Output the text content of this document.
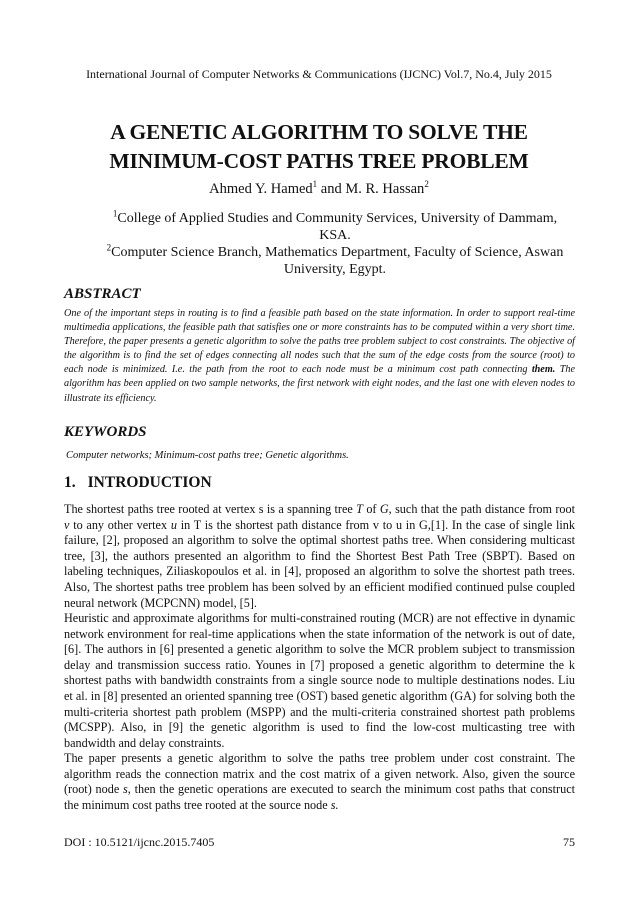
International Journal of Computer Networks & Communications (IJCNC) Vol.7, No.4, July 2015
A GENETIC ALGORITHM TO SOLVE THE
MINIMUM-COST PATHS TREE PROBLEM
Ahmed Y. Hamed$^1$ and M. R. Hassan$^2$
$^1$College of Applied Studies and Community Services, University of Dammam, KSA.
$^2$Computer Science Branch, Mathematics Department, Faculty of Science, Aswan University, Egypt.
ABSTRACT
One of the important steps in routing is to find a feasible path based on the state information. In order to support real-time multimedia applications, the feasible path that satisfies one or more constraints has to be computed within a very short time. Therefore, the paper presents a genetic algorithm to solve the paths tree problem subject to cost constraints. The objective of the algorithm is to find the set of edges connecting all nodes such that the sum of the edge costs from the source (root) to each node is minimized. I.e. the path from the root to each node must be a minimum cost path connecting them. The algorithm has been applied on two sample networks, the first network with eight nodes, and the last one with eleven nodes to illustrate its efficiency.
KEYWORDS
Computer networks; Minimum-cost paths tree; Genetic algorithms.
1. INTRODUCTION
The shortest paths tree rooted at vertex s is a spanning tree T of G, such that the path distance from root v to any other vertex u in T is the shortest path distance from v to u in G,[1]. In the case of single link failure, [2], proposed an algorithm to solve the optimal shortest paths tree. When considering multicast tree, [3], the authors presented an algorithm to find the Shortest Best Path Tree (SBPT). Based on labeling techniques, Ziliaskopoulos et al. in [4], proposed an algorithm to solve the shortest path trees. Also, The shortest paths tree problem has been solved by an efficient modified continued pulse coupled neural network (MCPCNN) model, [5].
Heuristic and approximate algorithms for multi-constrained routing (MCR) are not effective in dynamic network environment for real-time applications when the state information of the network is out of date, [6]. The authors in [6] presented a genetic algorithm to solve the MCR problem subject to transmission delay and transmission success ratio. Younes in [7] proposed a genetic algorithm to determine the k shortest paths with bandwidth constraints from a single source node to multiple destinations nodes. Liu et al. in [8] presented an oriented spanning tree (OST) based genetic algorithm (GA) for solving both the multi-criteria shortest path problem (MSPP) and the multi-criteria constrained shortest path problems (MCSPP). Also, in [9] the genetic algorithm is used to find the low-cost multicasting tree with bandwidth and delay constraints.
The paper presents a genetic algorithm to solve the paths tree problem under cost constraint. The algorithm reads the connection matrix and the cost matrix of a given network. Also, given the source (root) node s, then the genetic operations are executed to search the minimum cost paths that construct the minimum cost paths tree rooted at the source node s.
DOI : 10.5121/ijcnc.2015.7405	75
